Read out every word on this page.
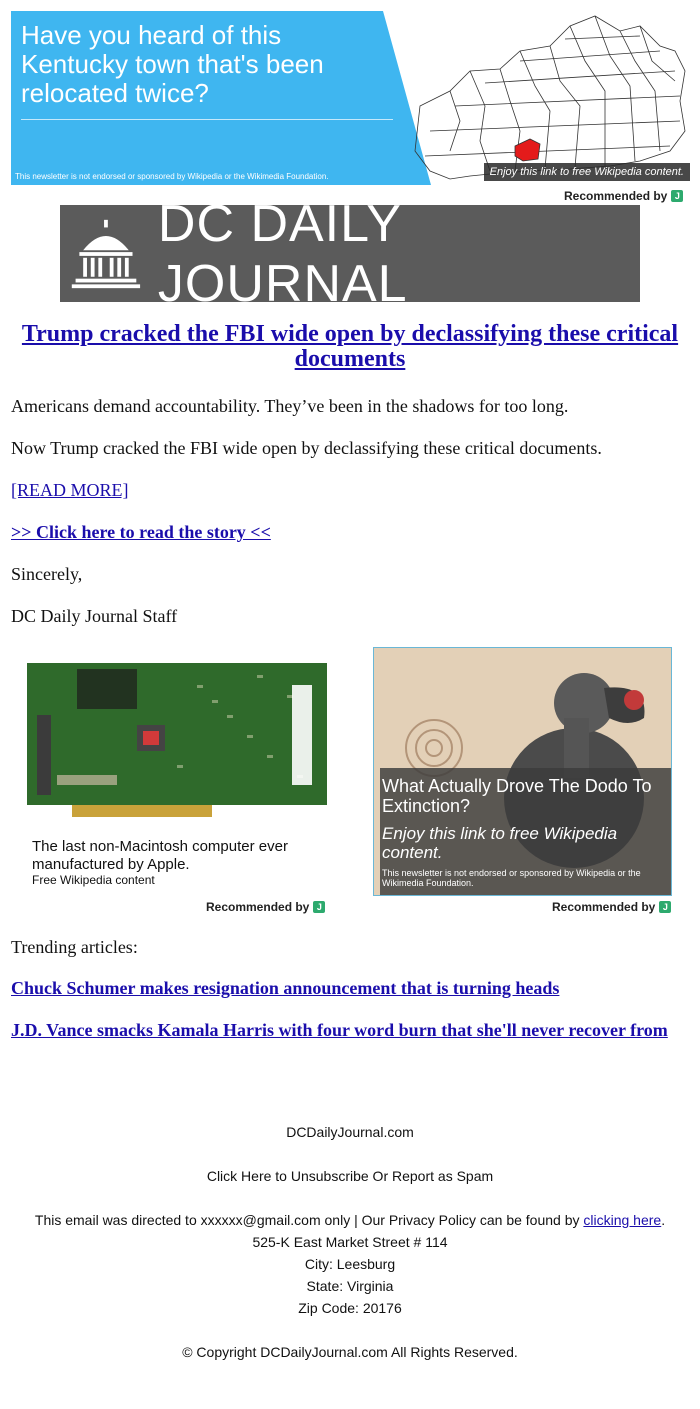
Have you heard of this Kentucky town that's been relocated twice?
This newsletter is not endorsed or sponsored by Wikipedia or the Wikimedia Foundation.	Enjoy this link to free Wikipedia content.
Recommended by J
DC DAILY JOURNAL
Trump cracked the FBI wide open by declassifying these critical documents

Americans demand accountability. They’ve been in the shadows for too long.

Now Trump cracked the FBI wide open by declassifying these critical documents.

[READ MORE]

>> Click here to read the story <<

Sincerely,

DC Daily Journal Staff

The last non-Macintosh computer ever manufactured by Apple.
Free Wikipedia content
Recommended by J
What Actually Drove The Dodo To Extinction?
Enjoy this link to free Wikipedia content.
This newsletter is not endorsed or sponsored by Wikipedia or the Wikimedia Foundation.
Recommended by J

Trending articles:

Chuck Schumer makes resignation announcement that is turning heads

J.D. Vance smacks Kamala Harris with four word burn that she'll never recover from

DCDailyJournal.com
Click Here to Unsubscribe Or Report as Spam
This email was directed to xxxxxx@gmail.com only | Our Privacy Policy can be found by clicking here.
525-K East Market Street # 114
City: Leesburg
State: Virginia
Zip Code: 20176
© Copyright DCDailyJournal.com All Rights Reserved.
